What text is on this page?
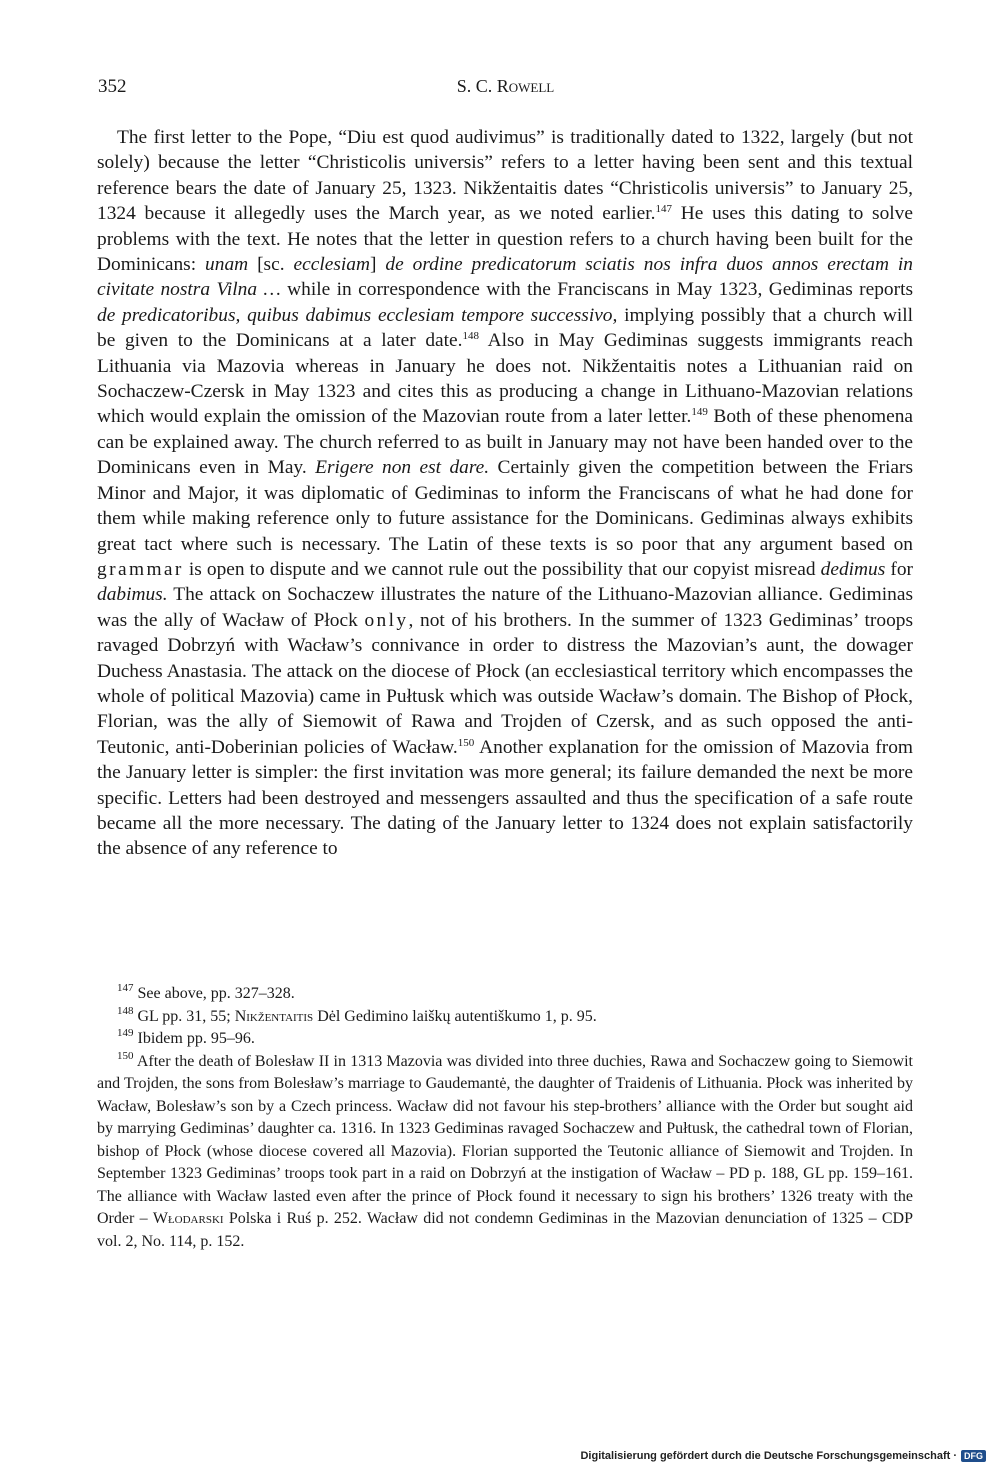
352	S. C. Rowell

The first letter to the Pope, “Diu est quod audivimus” is traditionally dated to 1322, largely (but not solely) because the letter “Christicolis universis” refers to a letter having been sent and this textual reference bears the date of January 25, 1323. Nikžentaitis dates “Christicolis universis” to January 25, 1324 because it allegedly uses the March year, as we noted earlier.$^{147}$ He uses this dating to solve problems with the text. He notes that the letter in question refers to a church having been built for the Dominicans: unam [sc. ecclesiam] de ordine predicatorum sciatis nos infra duos annos erectam in civitate nostra Vilna … while in correspondence with the Franciscans in May 1323, Gediminas reports de predicatoribus, quibus dabimus ecclesiam tempore successivo, implying possibly that a church will be given to the Dominicans at a later date.$^{148}$ Also in May Gediminas suggests immigrants reach Lithuania via Mazovia whereas in January he does not. Nikžentaitis notes a Lithuanian raid on Sochaczew-Czersk in May 1323 and cites this as producing a change in Lithuano-Mazovian relations which would explain the omission of the Mazovian route from a later letter.$^{149}$ Both of these phenomena can be explained away. The church referred to as built in January may not have been handed over to the Dominicans even in May. Erigere non est dare. Certainly given the competition between the Friars Minor and Major, it was diplomatic of Gediminas to inform the Franciscans of what he had done for them while making reference only to future assistance for the Dominicans. Gediminas always exhibits great tact where such is necessary. The Latin of these texts is so poor that any argument based on grammar is open to dispute and we cannot rule out the possibility that our copyist misread dedimus for dabimus. The attack on Sochaczew illustrates the nature of the Lithuano-Mazovian alliance. Gediminas was the ally of Wacław of Płock only, not of his brothers. In the summer of 1323 Gediminas’ troops ravaged Dobrzyń with Wacław’s connivance in order to distress the Mazovian’s aunt, the dowager Duchess Anastasia. The attack on the diocese of Płock (an ecclesiastical territory which encompasses the whole of political Mazovia) came in Pułtusk which was outside Wacław’s domain. The Bishop of Płock, Florian, was the ally of Siemowit of Rawa and Trojden of Czersk, and as such opposed the anti-Teutonic, anti-Doberinian policies of Wacław.$^{150}$ Another explanation for the omission of Mazovia from the January letter is simpler: the first invitation was more general; its failure demanded the next be more specific. Letters had been destroyed and messengers assaulted and thus the specification of a safe route became all the more necessary. The dating of the January letter to 1324 does not explain satisfactorily the absence of any reference to

$^{147}$ See above, pp. 327–328.

$^{148}$ GL pp. 31, 55; Nikžentaitis Dėl Gedimino laiškų autentiškumo 1, p. 95.

$^{149}$ Ibidem pp. 95–96.

$^{150}$ After the death of Bolesław II in 1313 Mazovia was divided into three duchies, Rawa and Sochaczew going to Siemowit and Trojden, the sons from Bolesław’s marriage to Gaudemantė, the daughter of Traidenis of Lithuania. Płock was inherited by Wacław, Bolesław’s son by a Czech princess. Wacław did not favour his step-brothers’ alliance with the Order but sought aid by marrying Gediminas’ daughter ca. 1316. In 1323 Gediminas ravaged Sochaczew and Pułtusk, the cathedral town of Florian, bishop of Płock (whose diocese covered all Mazovia). Florian supported the Teutonic alliance of Siemowit and Trojden. In September 1323 Gediminas’ troops took part in a raid on Dobrzyń at the instigation of Wacław – PD p. 188, GL pp. 159–161. The alliance with Wacław lasted even after the prince of Płock found it necessary to sign his brothers’ 1326 treaty with the Order – Włodarski Polska i Ruś p. 252. Wacław did not condemn Gediminas in the Mazovian denunciation of 1325 – CDP vol. 2, No. 114, p. 152.

Digitalisierung gefördert durch die Deutsche Forschungsgemeinschaft · DFG
